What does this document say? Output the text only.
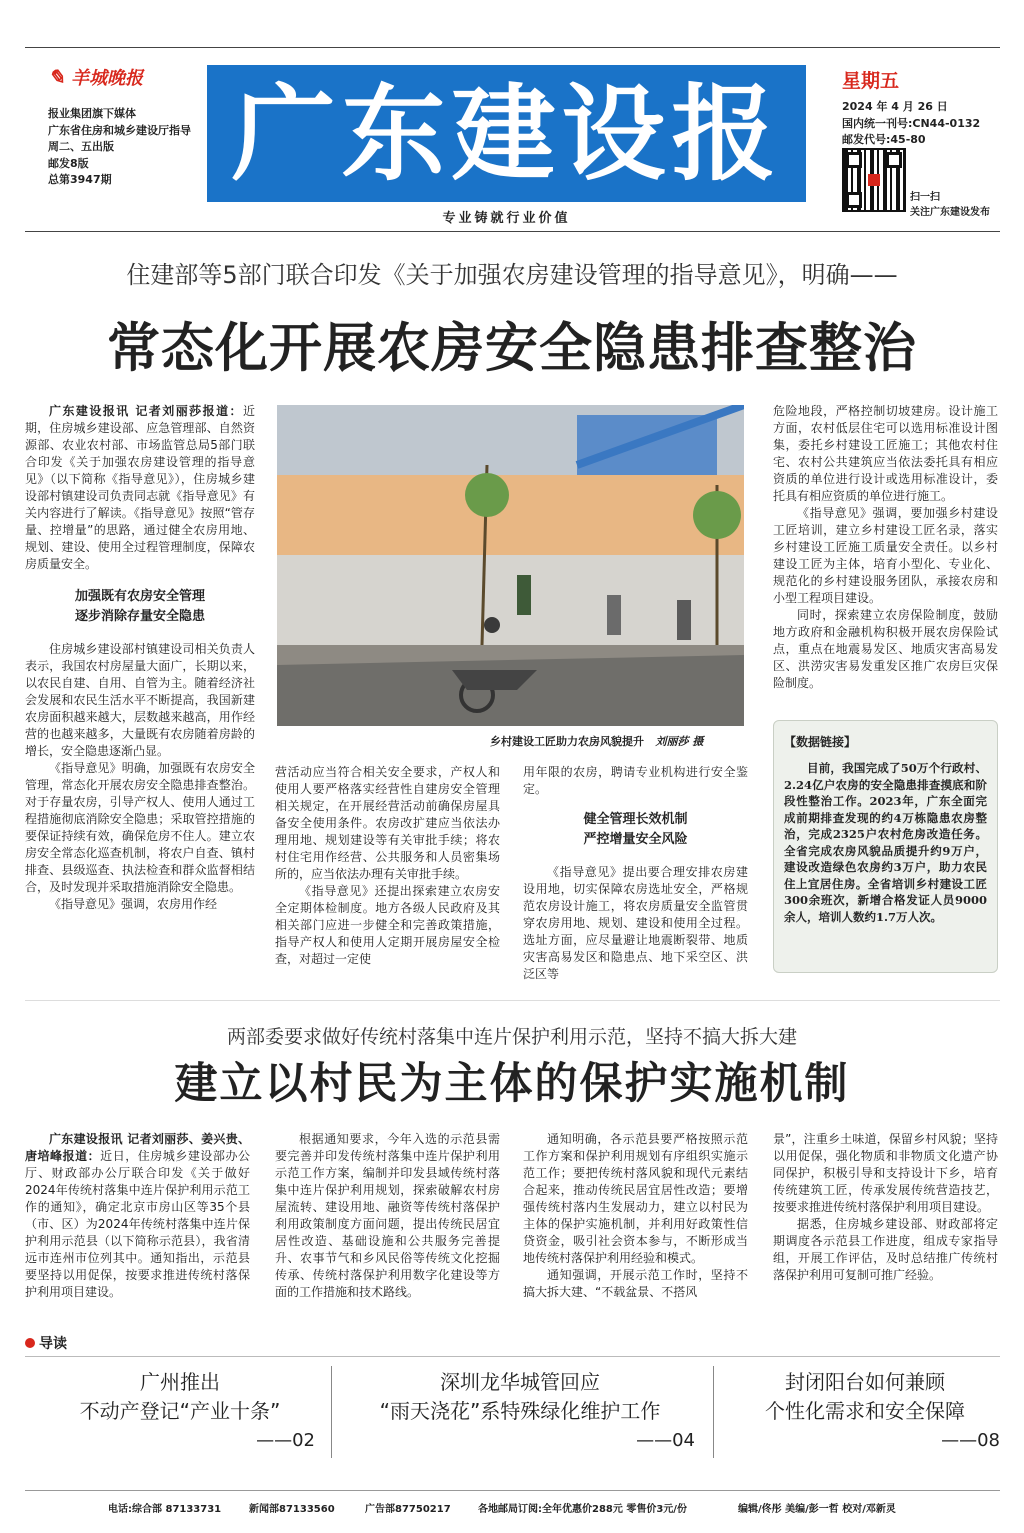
✎ 羊城晚报
报业集团旗下媒体
广东省住房和城乡建设厅指导
周二、五出版
邮发8版
总第3947期	广东建设报
专业铸就行业价值
星期五
2024 年 4 月 26 日
国内统一刊号:CN44-0132
邮发代号:45-80
扫一扫
关注广东建设发布
住建部等5部门联合印发《关于加强农房建设管理的指导意见》，明确——
常态化开展农房安全隐患排查整治

广东建设报讯 记者刘丽莎报道：近期，住房城乡建设部、应急管理部、自然资源部、农业农村部、市场监管总局5部门联合印发《关于加强农房建设管理的指导意见》（以下简称《指导意见》），住房城乡建设部村镇建设司负责同志就《指导意见》有关内容进行了解读。《指导意见》按照“管存量、控增量”的思路，通过健全农房用地、规划、建设、使用全过程管理制度，保障农房质量安全。

加强既有农房安全管理
逐步消除存量安全隐患

住房城乡建设部村镇建设司相关负责人表示，我国农村房屋量大面广，长期以来，以农民自建、自用、自管为主。随着经济社会发展和农民生活水平不断提高，我国新建农房面积越来越大，层数越来越高，用作经营的也越来越多，大量既有农房随着房龄的增长，安全隐患逐渐凸显。

《指导意见》明确，加强既有农房安全管理，常态化开展农房安全隐患排查整治。对于存量农房，引导产权人、使用人通过工程措施彻底消除安全隐患；采取管控措施的要保证持续有效，确保危房不住人。建立农房安全常态化巡查机制，将农户自查、镇村排查、县级巡查、执法检查和群众监督相结合，及时发现并采取措施消除安全隐患。

《指导意见》强调，农房用作经

乡村建设工匠助力农房风貌提升 刘丽莎 摄

营活动应当符合相关安全要求，产权人和使用人要严格落实经营性自建房安全管理相关规定，在开展经营活动前确保房屋具备安全使用条件。农房改扩建应当依法办理用地、规划建设等有关审批手续；将农村住宅用作经营、公共服务和人员密集场所的，应当依法办理有关审批手续。

《指导意见》还提出探索建立农房安全定期体检制度。地方各级人民政府及其相关部门应进一步健全和完善政策措施，指导产权人和使用人定期开展房屋安全检查，对超过一定使

用年限的农房，聘请专业机构进行安全鉴定。

健全管理长效机制
严控增量安全风险

《指导意见》提出要合理安排农房建设用地，切实保障农房选址安全，严格规范农房设计施工，将农房质量安全监管贯穿农房用地、规划、建设和使用全过程。选址方面，应尽量避让地震断裂带、地质灾害高易发区和隐患点、地下采空区、洪泛区等

危险地段，严格控制切坡建房。设计施工方面，农村低层住宅可以选用标准设计图集，委托乡村建设工匠施工；其他农村住宅、农村公共建筑应当依法委托具有相应资质的单位进行设计或选用标准设计，委托具有相应资质的单位进行施工。

《指导意见》强调，要加强乡村建设工匠培训，建立乡村建设工匠名录，落实乡村建设工匠施工质量安全责任。以乡村建设工匠为主体，培育小型化、专业化、规范化的乡村建设服务团队，承接农房和小型工程项目建设。

同时，探索建立农房保险制度，鼓励地方政府和金融机构积极开展农房保险试点，重点在地震易发区、地质灾害高易发区、洪涝灾害易发重发区推广农房巨灾保险制度。

【数据链接】
目前，我国完成了50万个行政村、2.24亿户农房的安全隐患排查摸底和阶段性整治工作。2023年，广东全面完成前期排查发现的约4万栋隐患农房整治，完成2325户农村危房改造任务。全省完成农房风貌品质提升约9万户，建设改造绿色农房约3万户，助力农民住上宜居住房。全省培训乡村建设工匠300余班次，新增合格发证人员9000余人，培训人数约1.7万人次。
两部委要求做好传统村落集中连片保护利用示范，坚持不搞大拆大建
建立以村民为主体的保护实施机制

广东建设报讯 记者刘丽莎、姜兴贵、唐培峰报道：近日，住房城乡建设部办公厅、财政部办公厅联合印发《关于做好2024年传统村落集中连片保护利用示范工作的通知》，确定北京市房山区等35个县（市、区）为2024年传统村落集中连片保护利用示范县（以下简称示范县），我省清远市连州市位列其中。通知指出，示范县要坚持以用促保，按要求推进传统村落保护利用项目建设。

根据通知要求，今年入选的示范县需要完善并印发传统村落集中连片保护利用示范工作方案，编制并印发县域传统村落集中连片保护利用规划，探索破解农村房屋流转、建设用地、融资等传统村落保护利用政策制度方面问题，提出传统民居宜居性改造、基础设施和公共服务完善提升、农事节气和乡风民俗等传统文化挖掘传承、传统村落保护利用数字化建设等方面的工作措施和技术路线。

通知明确，各示范县要严格按照示范工作方案和保护利用规划有序组织实施示范工作；要把传统村落风貌和现代元素结合起来，推动传统民居宜居性改造；要增强传统村落内生发展动力，建立以村民为主体的保护实施机制，并利用好政策性信贷资金，吸引社会资本参与，不断形成当地传统村落保护利用经验和模式。

通知强调，开展示范工作时，坚持不搞大拆大建、“不载盆景、不搭风

景”，注重乡土味道，保留乡村风貌；坚持以用促保，强化物质和非物质文化遗产协同保护，积极引导和支持设计下乡，培育传统建筑工匠，传承发展传统营造技艺，按要求推进传统村落保护利用项目建设。

据悉，住房城乡建设部、财政部将定期调度各示范县工作进度，组成专家指导组，开展工作评估，及时总结推广传统村落保护利用可复制可推广经验。

导读
广州推出
不动产登记“产业十条”
——02
深圳龙华城管回应
“雨天浇花”系特殊绿化维护工作
——04
封闭阳台如何兼顾
个性化需求和安全保障
——08
电话:综合部 87133731	新闻部87133560	广告部87750217	各地邮局订阅:全年优惠价288元 零售价3元/份	编辑/佟彤 美编/彭一哲 校对/邓新灵
